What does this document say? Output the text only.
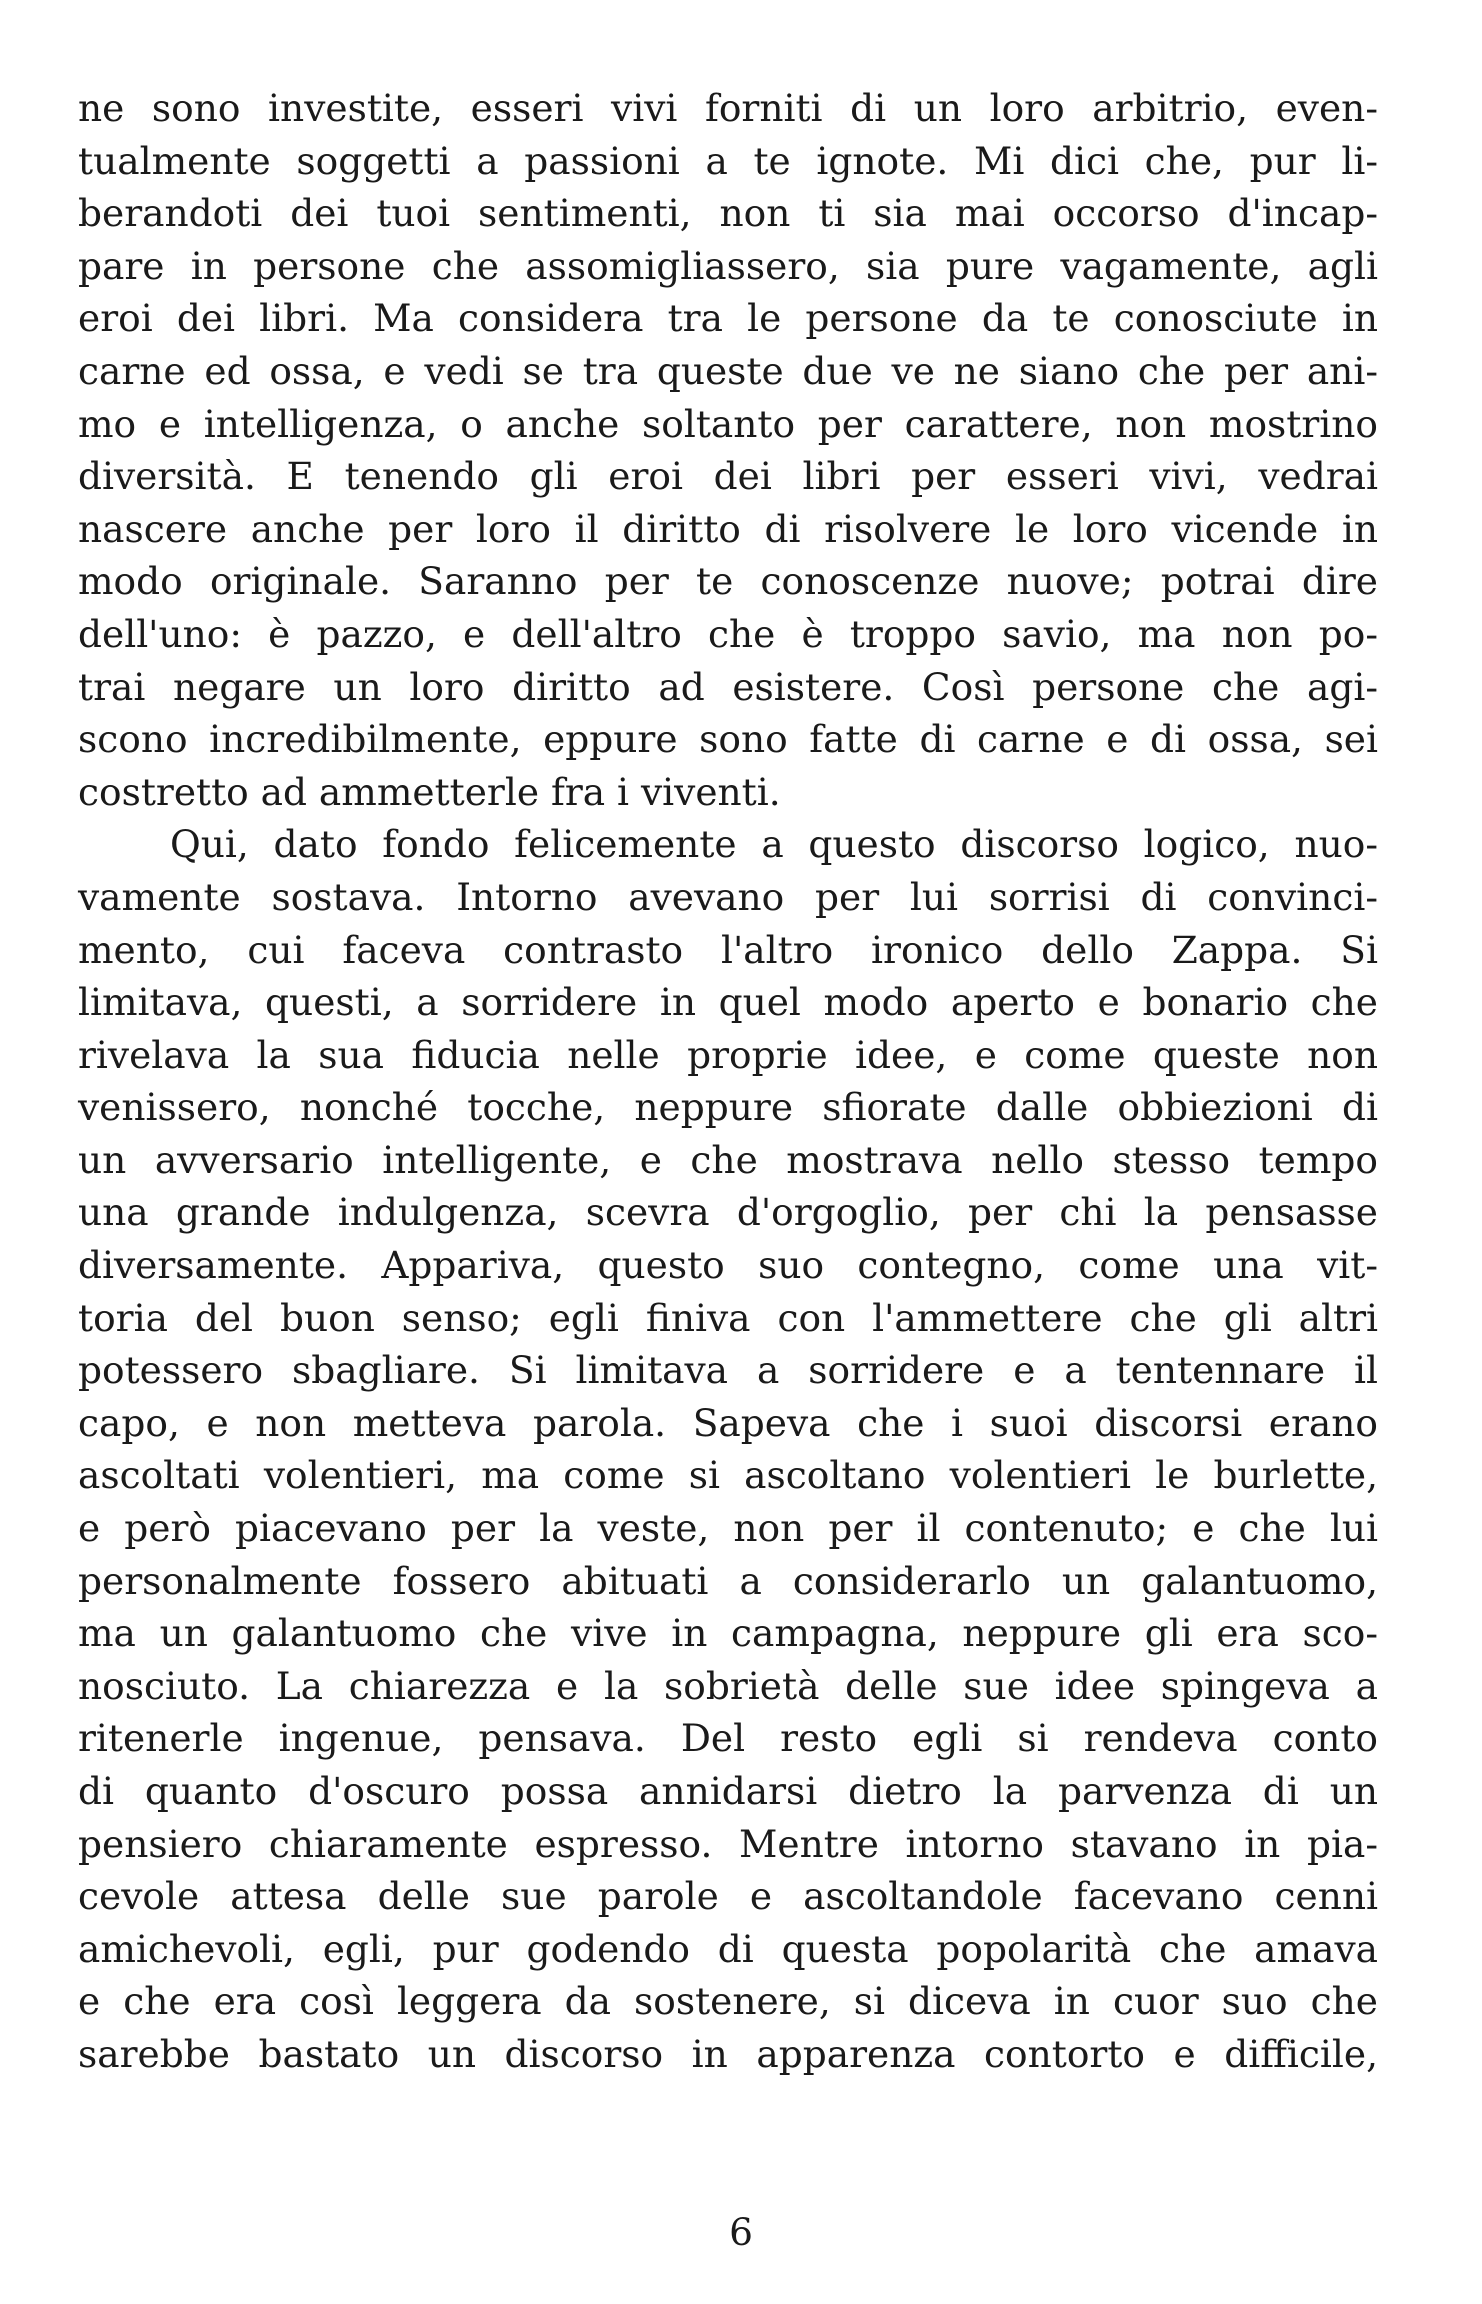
ne sono investite, esseri vivi forniti di un loro arbitrio, even-
tualmente soggetti a passioni a te ignote. Mi dici che, pur li-
berandoti dei tuoi sentimenti, non ti sia mai occorso d'incap-
pare in persone che assomigliassero, sia pure vagamente, agli
eroi dei libri. Ma considera tra le persone da te conosciute in
carne ed ossa, e vedi se tra queste due ve ne siano che per ani-
mo e intelligenza, o anche soltanto per carattere, non mostrino
diversità. E tenendo gli eroi dei libri per esseri vivi, vedrai
nascere anche per loro il diritto di risolvere le loro vicende in
modo originale. Saranno per te conoscenze nuove; potrai dire
dell'uno: è pazzo, e dell'altro che è troppo savio, ma non po-
trai negare un loro diritto ad esistere. Così persone che agi-
scono incredibilmente, eppure sono fatte di carne e di ossa, sei
costretto ad ammetterle fra i viventi.
Qui, dato fondo felicemente a questo discorso logico, nuo-
vamente sostava. Intorno avevano per lui sorrisi di convinci-
mento, cui faceva contrasto l'altro ironico dello Zappa. Si
limitava, questi, a sorridere in quel modo aperto e bonario che
rivelava la sua fiducia nelle proprie idee, e come queste non
venissero, nonché tocche, neppure sfiorate dalle obbiezioni di
un avversario intelligente, e che mostrava nello stesso tempo
una grande indulgenza, scevra d'orgoglio, per chi la pensasse
diversamente. Appariva, questo suo contegno, come una vit-
toria del buon senso; egli finiva con l'ammettere che gli altri
potessero sbagliare. Si limitava a sorridere e a tentennare il
capo, e non metteva parola. Sapeva che i suoi discorsi erano
ascoltati volentieri, ma come si ascoltano volentieri le burlette,
e però piacevano per la veste, non per il contenuto; e che lui
personalmente fossero abituati a considerarlo un galantuomo,
ma un galantuomo che vive in campagna, neppure gli era sco-
nosciuto. La chiarezza e la sobrietà delle sue idee spingeva a
ritenerle ingenue, pensava. Del resto egli si rendeva conto
di quanto d'oscuro possa annidarsi dietro la parvenza di un
pensiero chiaramente espresso. Mentre intorno stavano in pia-
cevole attesa delle sue parole e ascoltandole facevano cenni
amichevoli, egli, pur godendo di questa popolarità che amava
e che era così leggera da sostenere, si diceva in cuor suo che
sarebbe bastato un discorso in apparenza contorto e difficile,
6
